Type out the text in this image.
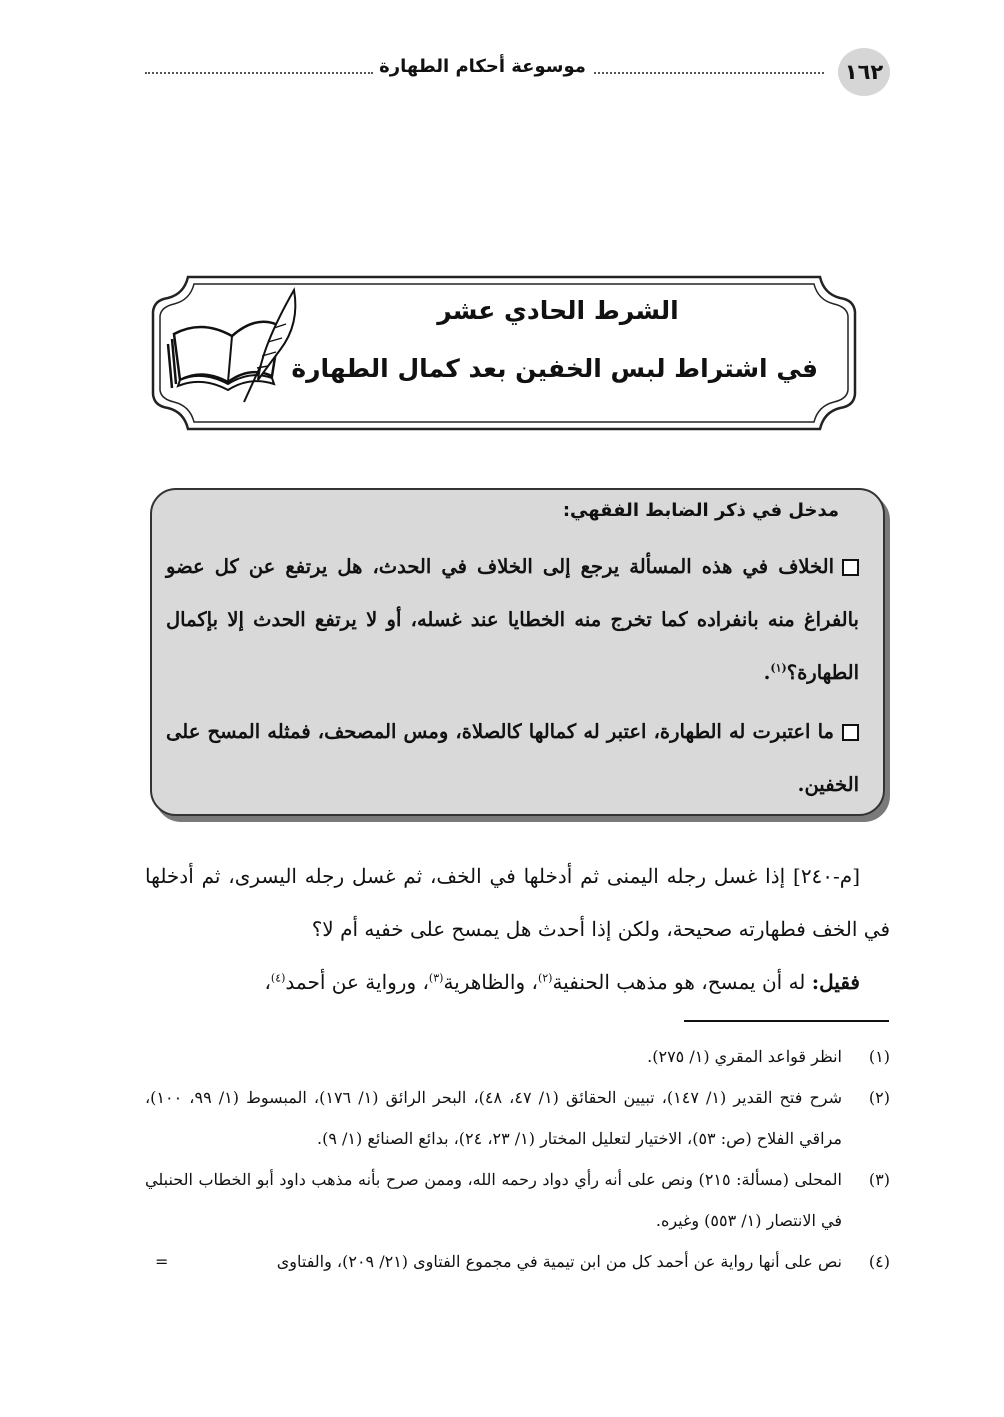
١٦٢
موسوعة أحكام الطهارة
الشرط الحادي عشر
في اشتراط لبس الخفين بعد كمال الطهارة
مدخل في ذكر الضابط الفقهي:

الخلاف في هذه المسألة يرجع إلى الخلاف في الحدث، هل يرتفع عن كل عضو بالفراغ منه بانفراده كما تخرج منه الخطايا عند غسله، أو لا يرتفع الحدث إلا بإكمال الطهارة؟$^{(١)}$.

ما اعتبرت له الطهارة، اعتبر له كمالها كالصلاة، ومس المصحف، فمثله المسح على الخفين.

[م-٢٤٠] إذا غسل رجله اليمنى ثم أدخلها في الخف، ثم غسل رجله اليسرى، ثم أدخلها في الخف فطهارته صحيحة، ولكن إذا أحدث هل يمسح على خفيه أم لا؟

فقيل: له أن يمسح، هو مذهب الحنفية$^{(٢)}$، والظاهرية$^{(٣)}$، ورواية عن أحمد$^{(٤)}$،

(١)
انظر قواعد المقري (١/ ٢٧٥).

(٢)
شرح فتح القدير (١/ ١٤٧)، تبيين الحقائق (١/ ٤٧، ٤٨)، البحر الرائق (١/ ١٧٦)، المبسوط (١/ ٩٩، ١٠٠)، مراقي الفلاح (ص: ٥٣)، الاختيار لتعليل المختار (١/ ٢٣، ٢٤)، بدائع الصنائع (١/ ٩).

(٣)
المحلى (مسألة: ٢١٥) ونص على أنه رأي دواد رحمه الله، وممن صرح بأنه مذهب داود أبو الخطاب الحنبلي في الانتصار (١/ ٥٥٣) وغيره.

(٤)
نص على أنها رواية عن أحمد كل من ابن تيمية في مجموع الفتاوى (٢١/ ٢٠٩)، والفتاوى
=
